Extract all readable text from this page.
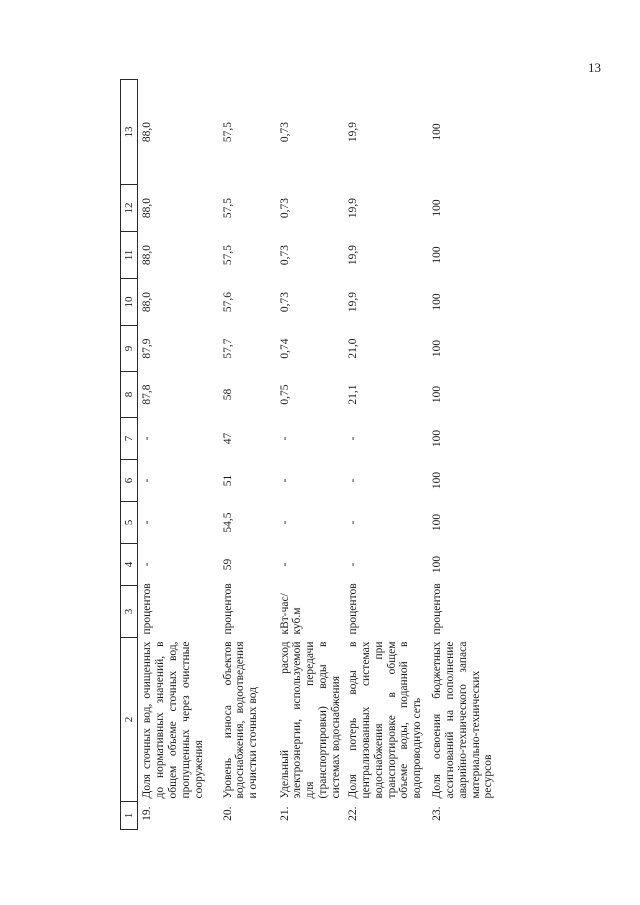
13
1	2	3	4	5	6	7	8	9	10	11	12	13
19.	Доля сточных вод, очищенных до нормативных значений, в общем объеме сточных вод, пропущенных через очистные сооружения	процентов	-	-	-	-	87,8	87,9	88,0	88,0	88,0	88,0
20.	Уровень износа объектов водоснабжения, водоотведения и очистки сточных вод	процентов	59	54,5	51	47	58	57,7	57,6	57,5	57,5	57,5
21.	Удельный расход электроэнергии, используемой для передачи (транспортировки) воды в системах водоснабжения	кВт-час/ куб.м	-	-	-	-	0,75	0,74	0,73	0,73	0,73	0,73
22.	Доля потерь воды в централизованных системах водоснабжения при транспортировке в общем объеме воды, поданной в водопроводную сеть	процентов	-	-	-	-	21,1	21,0	19,9	19,9	19,9	19,9
23.	Доля освоения бюджетных ассигнований на пополнение аварийно-технического запаса материально-технических ресурсов	процентов	100	100	100	100	100	100	100	100	100	100
